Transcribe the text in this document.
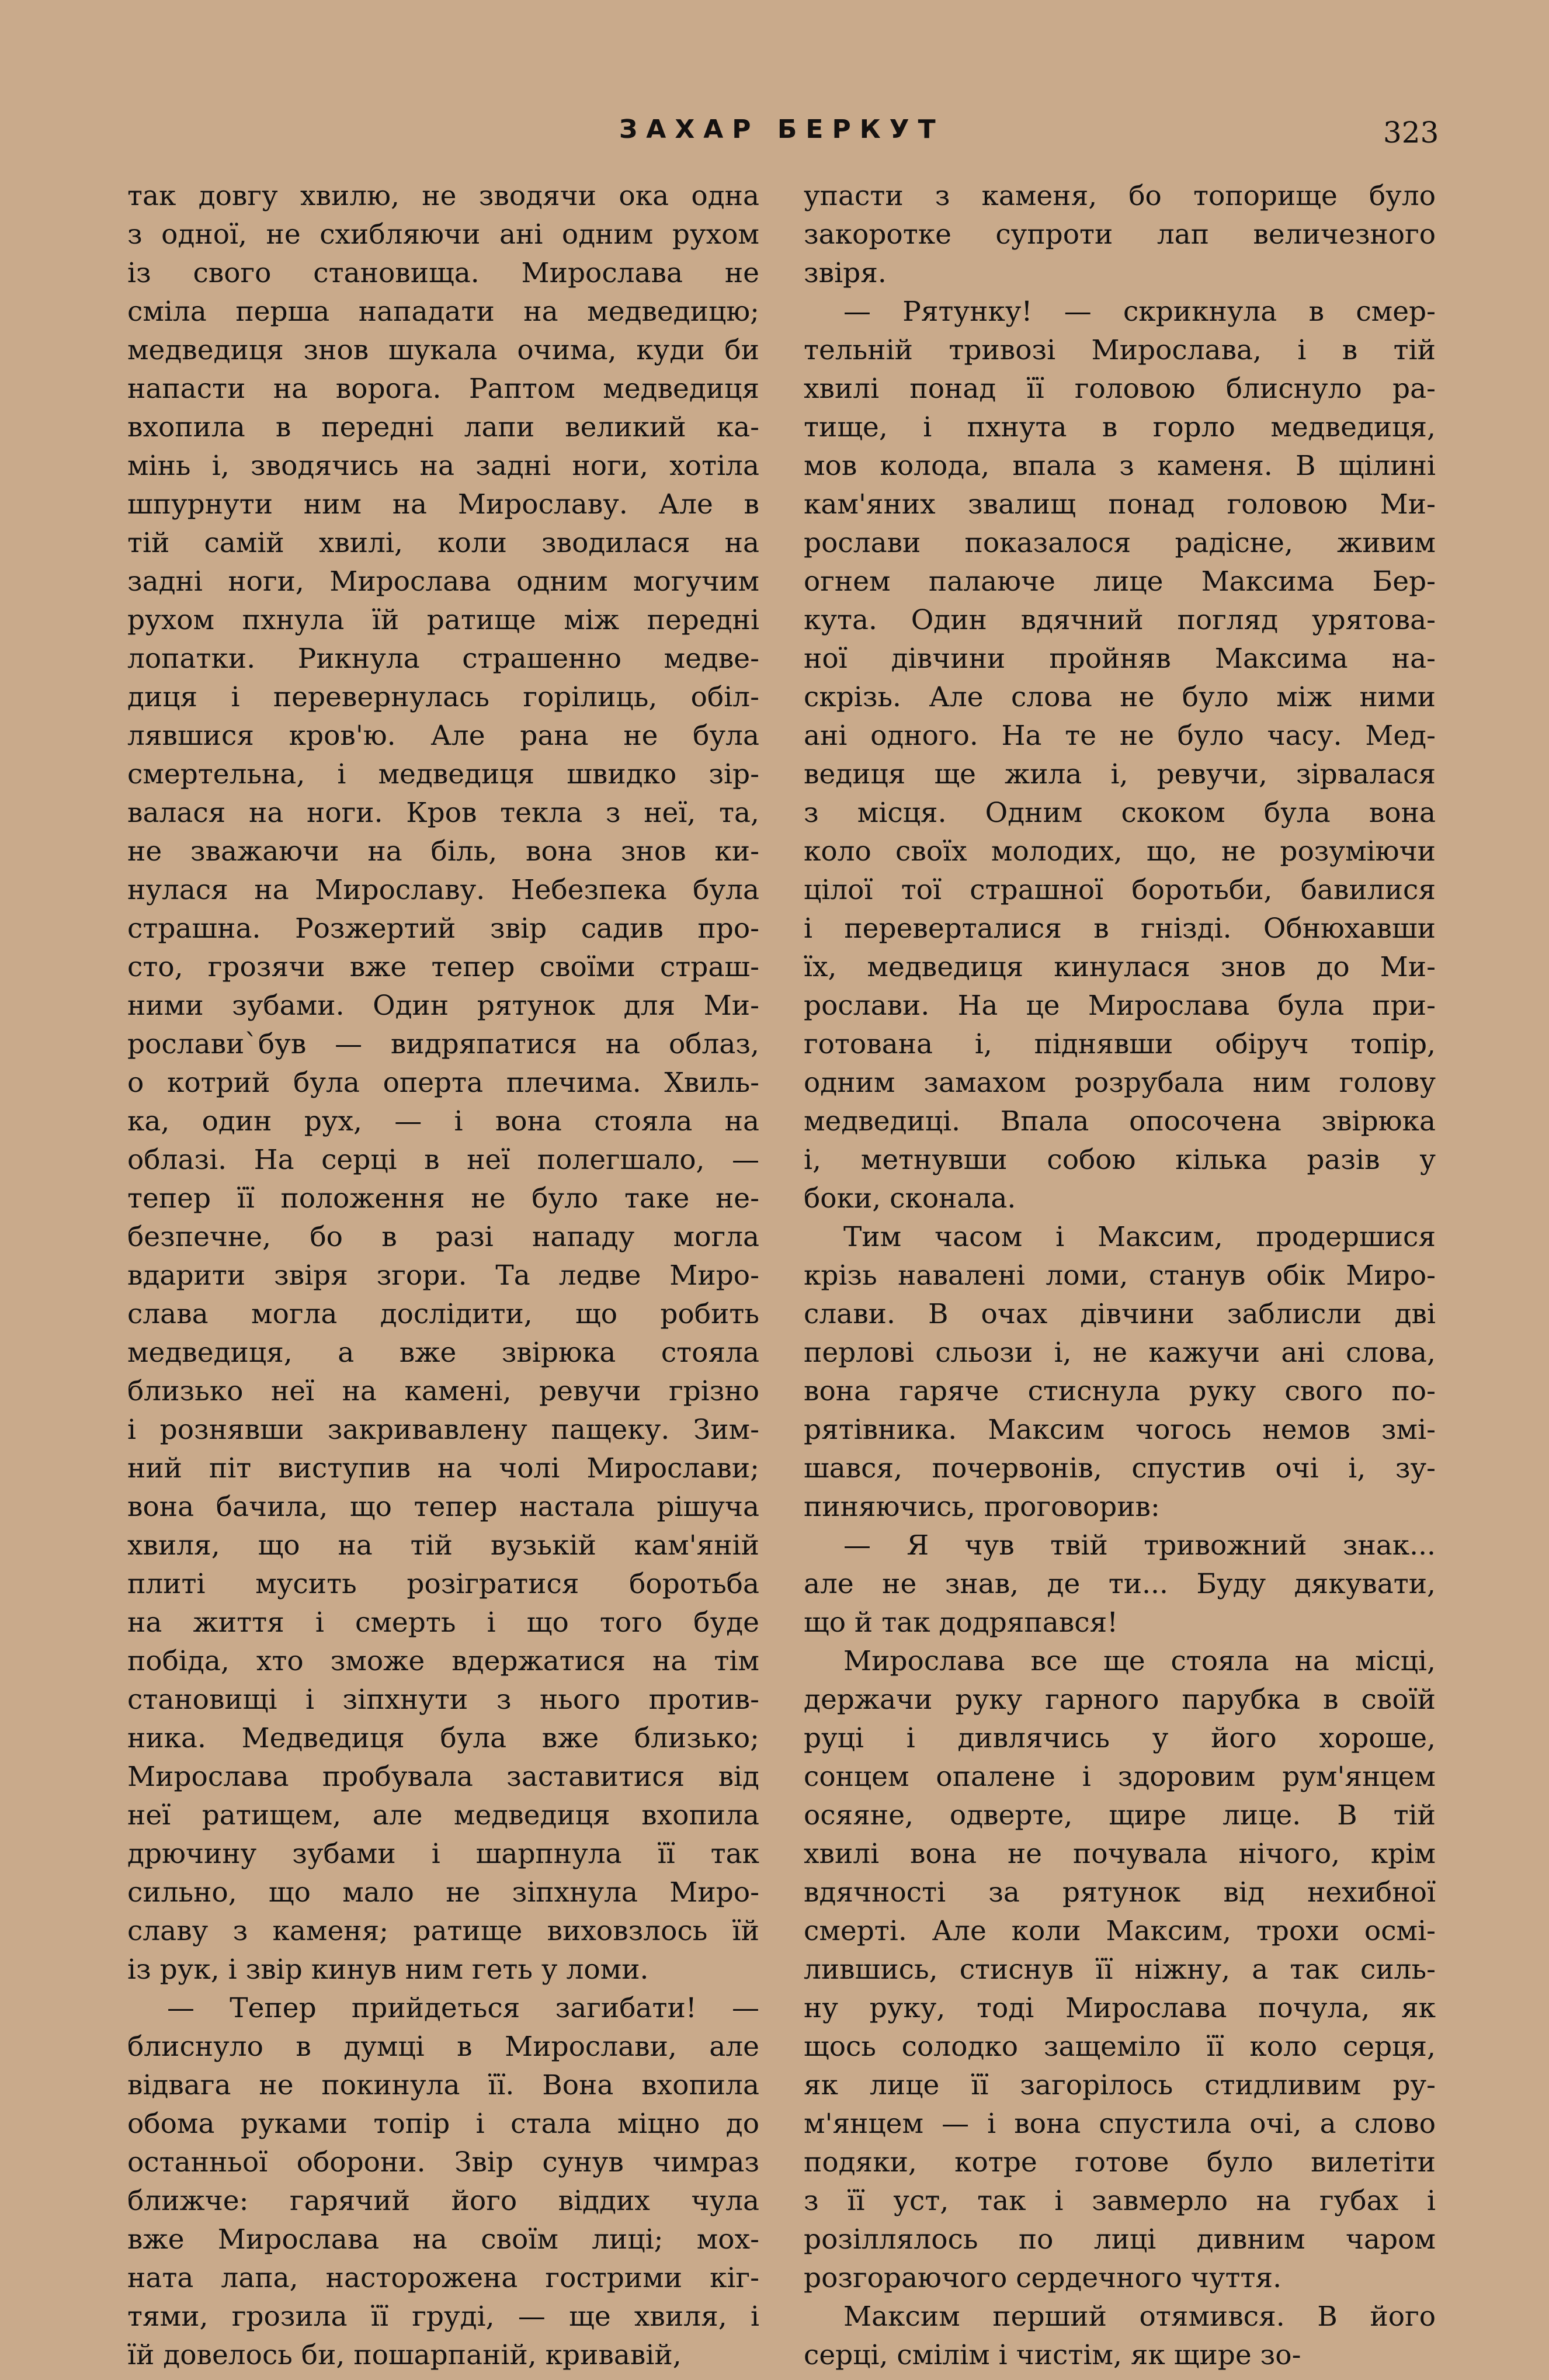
ЗАХАР БЕРКУТ	323
так довгу хвилю, не зводячи ока одна
з одної, не схибляючи ані одним рухом
із свого становища. Мирослава не
сміла перша нападати на медведицю;
медведиця знов шукала очима, куди би
напасти на ворога. Раптом медведиця
вхопила в передні лапи великий ка-
мінь і, зводячись на задні ноги, хотіла
шпурнути ним на Мирославу. Але в
тій самій хвилі, коли зводилася на
задні ноги, Мирослава одним могучим
рухом пхнула їй ратище між передні
лопатки. Рикнула страшенно медве-
диця і перевернулась горілиць, обіл-
лявшися кров'ю. Але рана не була
смертельна, і медведиця швидко зір-
валася на ноги. Кров текла з неї, та,
не зважаючи на біль, вона знов ки-
нулася на Мирославу. Небезпека була
страшна. Розжертий звір садив про-
сто, грозячи вже тепер своїми страш-
ними зубами. Один рятунок для Ми-
рослави`був — видряпатися на облаз,
о котрий була оперта плечима. Хвиль-
ка, один рух, — і вона стояла на
облазі. На серці в неї полегшало, —
тепер її положення не було таке не-
безпечне, бо в разі нападу могла
вдарити звіря згори. Та ледве Миро-
слава могла дослідити, що робить
медведиця, а вже звірюка стояла
близько неї на камені, ревучи грізно
і рознявши закривавлену пащеку. Зим-
ний піт виступив на чолі Мирослави;
вона бачила, що тепер настала рішуча
хвиля, що на тій вузькій кам'яній
плиті мусить розігратися боротьба
на життя і смерть і що того буде
побіда, хто зможе вдержатися на тім
становищі і зіпхнути з нього против-
ника. Медведиця була вже близько;
Мирослава пробувала заставитися від
неї ратищем, але медведиця вхопила
дрючину зубами і шарпнула її так
сильно, що мало не зіпхнула Миро-
славу з каменя; ратище виховзлось їй
із рук, і звір кинув ним геть у ломи.
— Тепер прийдеться загибати! —
блиснуло в думці в Мирослави, але
відвага не покинула її. Вона вхопила
обома руками топір і стала міцно до
останньої оборони. Звір сунув чимраз
ближче: гарячий його віддих чула
вже Мирослава на своїм лиці; мох-
ната лапа, насторожена гострими кіг-
тями, грозила її груді, — ще хвиля, і
їй довелось би, пошарпаній, кривавій,
упасти з каменя, бо топорище було
закоротке супроти лап величезного
звіря.
— Рятунку! — скрикнула в смер-
тельній тривозі Мирослава, і в тій
хвилі понад її головою блиснуло ра-
тище, і пхнута в горло медведиця,
мов колода, впала з каменя. В щілині
кам'яних звалищ понад головою Ми-
рослави показалося радісне, живим
огнем палаюче лице Максима Бер-
кута. Один вдячний погляд урятова-
ної дівчини пройняв Максима на-
скрізь. Але слова не було між ними
ані одного. На те не було часу. Мед-
ведиця ще жила і, ревучи, зірвалася
з місця. Одним скоком була вона
коло своїх молодих, що, не розуміючи
цілої тої страшної боротьби, бавилися
і переверталися в гнізді. Обнюхавши
їх, медведиця кинулася знов до Ми-
рослави. На це Мирослава була при-
готована і, піднявши обіруч топір,
одним замахом розрубала ним голову
медведиці. Впала опосочена звірюка
і, метнувши собою кілька разів у
боки, сконала.
Тим часом і Максим, продершися
крізь навалені ломи, станув обік Миро-
слави. В очах дівчини заблисли дві
перлові сльози і, не кажучи ані слова,
вона гаряче стиснула руку свого по-
рятівника. Максим чогось немов змі-
шався, почервонів, спустив очі і, зу-
пиняючись, проговорив:
— Я чув твій тривожний знак...
але не знав, де ти... Буду дякувати,
що й так додряпався!
Мирослава все ще стояла на місці,
держачи руку гарного парубка в своїй
руці і дивлячись у його хороше,
сонцем опалене і здоровим рум'янцем
осяяне, одверте, щире лице. В тій
хвилі вона не почувала нічого, крім
вдячності за рятунок від нехибної
смерті. Але коли Максим, трохи осмі-
лившись, стиснув її ніжну, а так силь-
ну руку, тоді Мирослава почула, як
щось солодко защеміло її коло серця,
як лице її загорілось стидливим ру-
м'янцем — і вона спустила очі, а слово
подяки, котре готове було вилетіти
з її уст, так і завмерло на губах і
розіллялось по лиці дивним чаром
розгораючого сердечного чуття.
Максим перший отямився. В його
серці, смілім і чистім, як щире зо-
